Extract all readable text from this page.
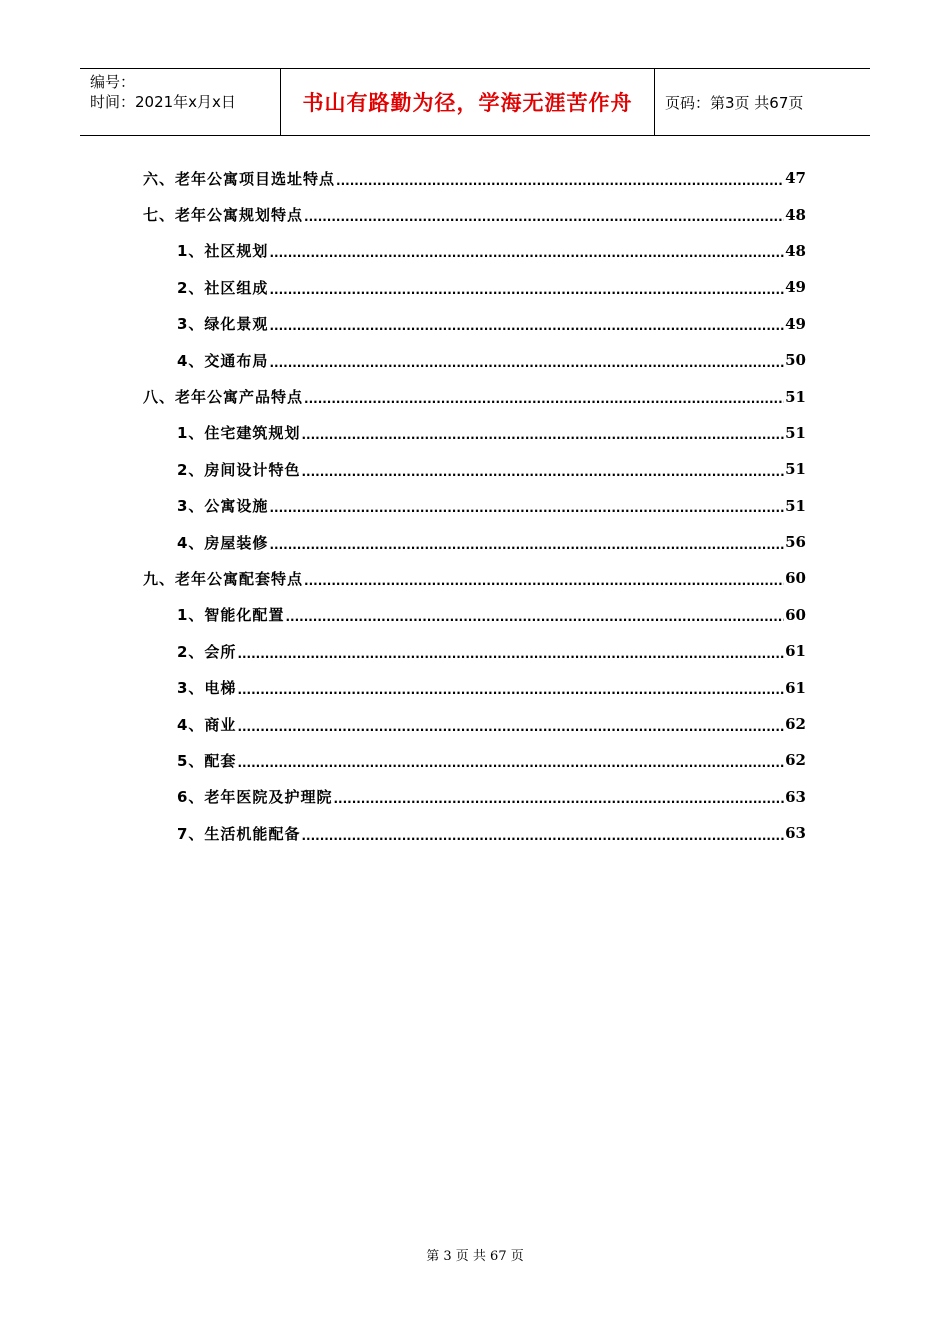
编号：
时间：2021年x月x日	书山有路勤为径，学海无涯苦作舟	页码：第3页 共67页
六、老年公寓项目选址特点 .....	47
七、老年公寓规划特点 .....	48
1、社区规划 .....	48
2、社区组成 .....	49
3、绿化景观 .....	49
4、交通布局 .....	50
八、老年公寓产品特点 .....	51
1、住宅建筑规划 .....	51
2、房间设计特色 .....	51
3、公寓设施 .....	51
4、房屋装修 .....	56
九、老年公寓配套特点 .....	60
1、智能化配置 .....	60
2、会所 .....	61
3、电梯 .....	61
4、商业 .....	62
5、配套 .....	62
6、老年医院及护理院 .....	63
7、生活机能配备 .....	63
第 3 页 共 67 页
